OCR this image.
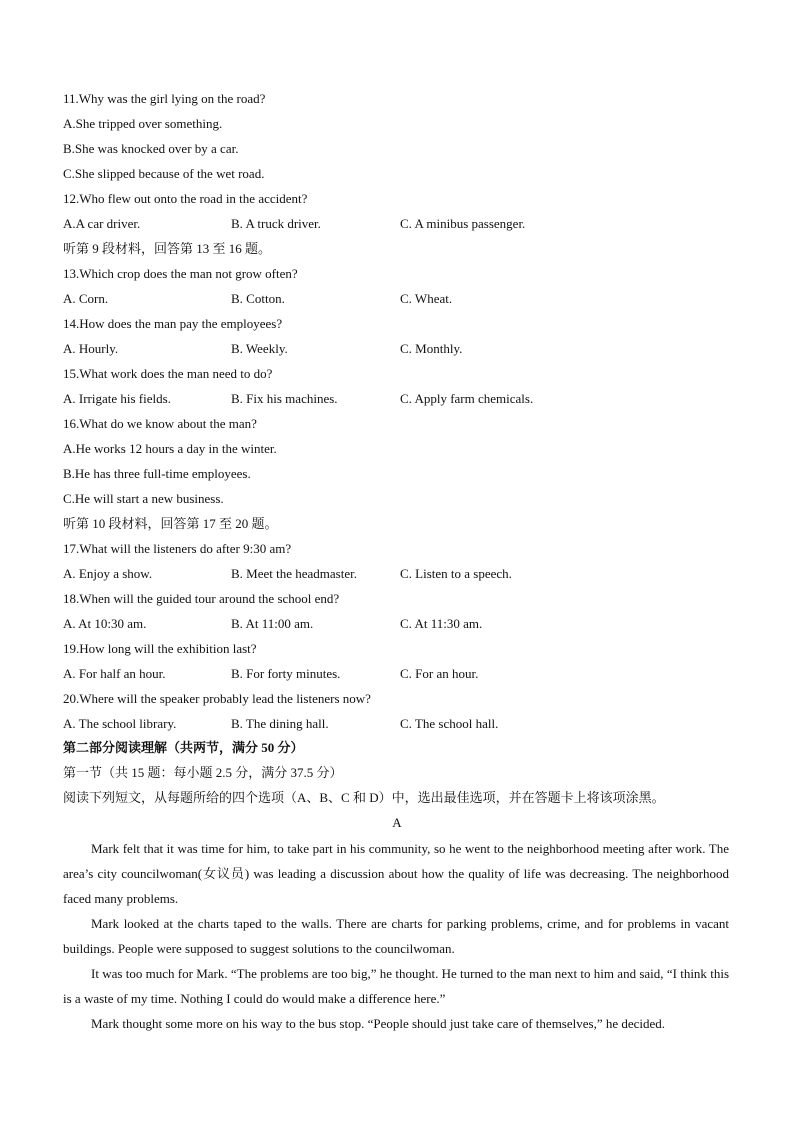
11.Why was the girl lying on the road?
A.She tripped over something.
B.She was knocked over by a car.
C.She slipped because of the wet road.
12.Who flew out onto the road in the accident?
A.A car driver.	B. A truck driver.	C. A minibus passenger.
听第 9 段材料，回答第 13 至 16 题。
13.Which crop does the man not grow often?
A. Corn.	B. Cotton.	C. Wheat.
14.How does the man pay the employees?
A. Hourly.	B. Weekly.	C. Monthly.
15.What work does the man need to do?
A. Irrigate his fields.	B. Fix his machines.	C. Apply farm chemicals.
16.What do we know about the man?
A.He works 12 hours a day in the winter.
B.He has three full-time employees.
C.He will start a new business.
听第 10 段材料，回答第 17 至 20 题。
17.What will the listeners do after 9:30 am?
A. Enjoy a show.	B. Meet the headmaster.	C. Listen to a speech.
18.When will the guided tour around the school end?
A. At 10:30 am.	B. At 11:00 am.	C. At 11:30 am.
19.How long will the exhibition last?
A. For half an hour.	B. For forty minutes.	C. For an hour.
20.Where will the speaker probably lead the listeners now?
A. The school library.	B. The dining hall.	C. The school hall.
第二部分阅读理解（共两节，满分 50 分）
第一节（共 15 题：每小题 2.5 分，满分 37.5 分）
阅读下列短文，从每题所给的四个选项（A、B、C 和 D）中，选出最佳选项，并在答题卡上将该项涂黑。
A
Mark felt that it was time for him, to take part in his community, so he went to the neighborhood meeting after work. The area’s city councilwoman(女议员) was leading a discussion about how the quality of life was decreasing. The neighborhood faced many problems.
Mark looked at the charts taped to the walls. There are charts for parking problems, crime, and for problems in vacant buildings. People were supposed to suggest solutions to the councilwoman.
It was too much for Mark. “The problems are too big,” he thought. He turned to the man next to him and said, “I think this is a waste of my time. Nothing I could do would make a difference here.”
Mark thought some more on his way to the bus stop. “People should just take care of themselves,” he decided.
